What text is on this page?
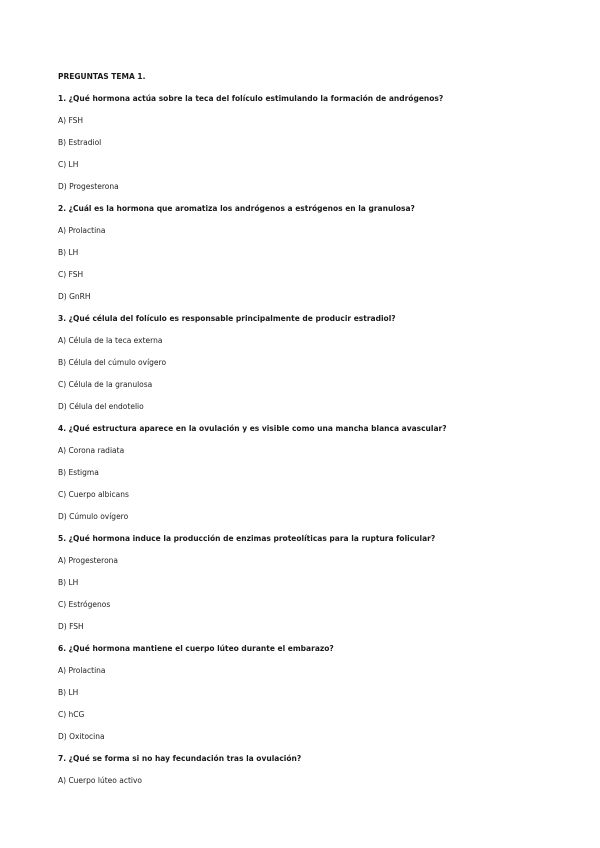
PREGUNTAS TEMA 1.
1. ¿Qué hormona actúa sobre la teca del folículo estimulando la formación de andrógenos?
A) FSH
B) Estradiol
C) LH
D) Progesterona
2. ¿Cuál es la hormona que aromatiza los andrógenos a estrógenos en la granulosa?
A) Prolactina
B) LH
C) FSH
D) GnRH
3. ¿Qué célula del folículo es responsable principalmente de producir estradiol?
A) Célula de la teca externa
B) Célula del cúmulo ovígero
C) Célula de la granulosa
D) Célula del endotelio
4. ¿Qué estructura aparece en la ovulación y es visible como una mancha blanca avascular?
A) Corona radiata
B) Estigma
C) Cuerpo albicans
D) Cúmulo ovígero
5. ¿Qué hormona induce la producción de enzimas proteolíticas para la ruptura folicular?
A) Progesterona
B) LH
C) Estrógenos
D) FSH
6. ¿Qué hormona mantiene el cuerpo lúteo durante el embarazo?
A) Prolactina
B) LH
C) hCG
D) Oxitocina
7. ¿Qué se forma si no hay fecundación tras la ovulación?
A) Cuerpo lúteo activo
